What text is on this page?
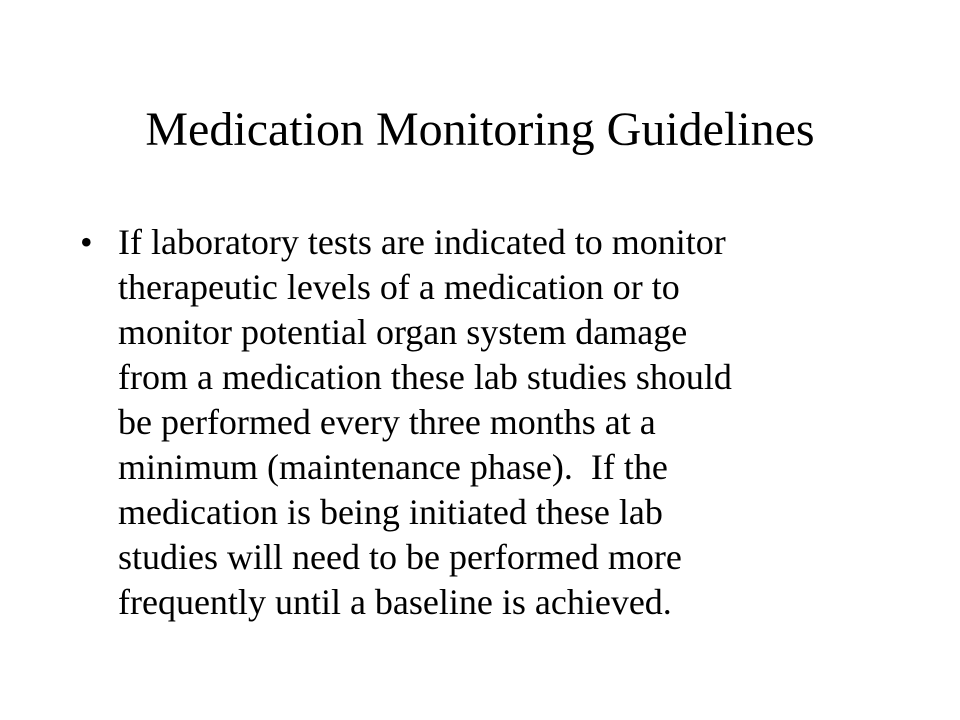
Medication Monitoring Guidelines
• If laboratory tests are indicated to monitor
therapeutic levels of a medication or to
monitor potential organ system damage
from a medication these lab studies should
be performed every three months at a
minimum (maintenance phase).  If the
medication is being initiated these lab
studies will need to be performed more
frequently until a baseline is achieved.
